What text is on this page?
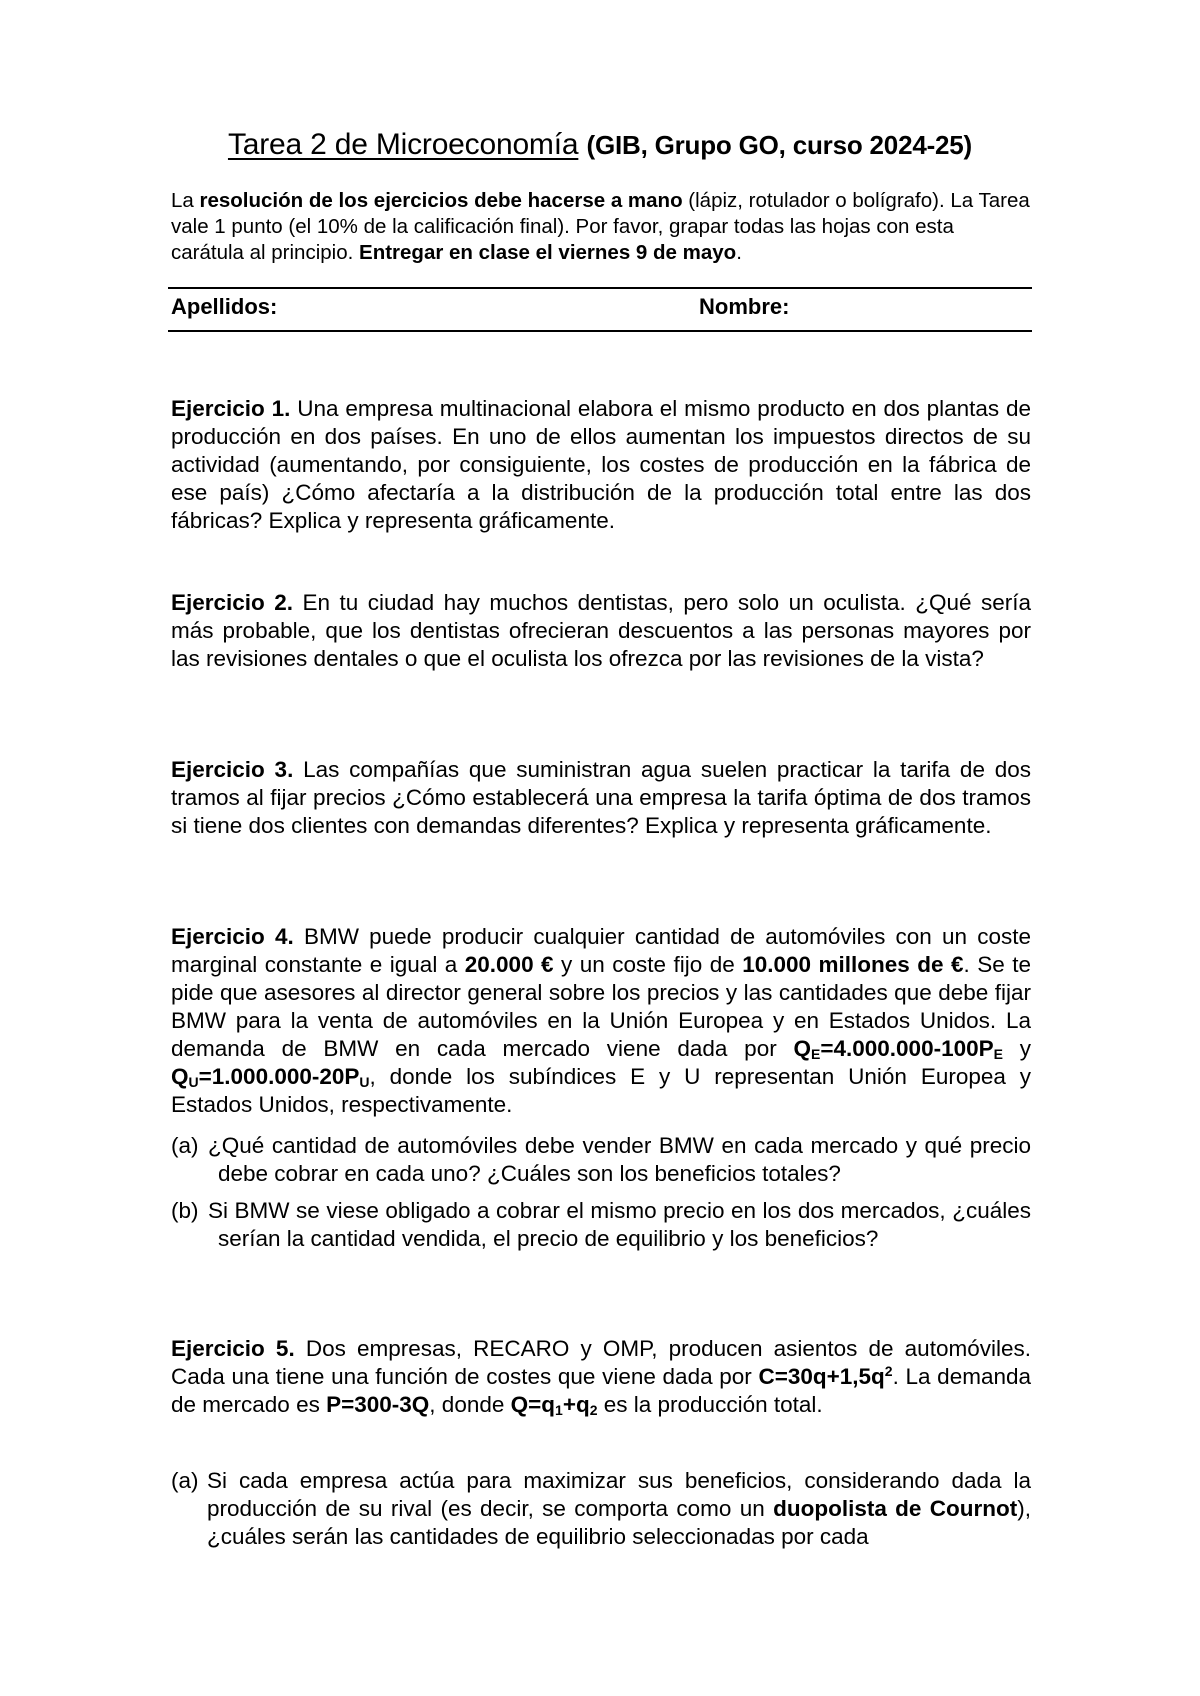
Tarea 2 de Microeconomía (GIB, Grupo GO, curso 2024-25)
La resolución de los ejercicios debe hacerse a mano (lápiz, rotulador o bolígrafo). La Tarea vale 1 punto (el 10% de la calificación final). Por favor, grapar todas las hojas con esta carátula al principio. Entregar en clase el viernes 9 de mayo.
Apellidos:	Nombre:
Ejercicio 1. Una empresa multinacional elabora el mismo producto en dos plantas de producción en dos países. En uno de ellos aumentan los impuestos directos de su actividad (aumentando, por consiguiente, los costes de producción en la fábrica de ese país) ¿Cómo afectaría a la distribución de la producción total entre las dos fábricas? Explica y representa gráficamente.
Ejercicio 2. En tu ciudad hay muchos dentistas, pero solo un oculista. ¿Qué sería más probable, que los dentistas ofrecieran descuentos a las personas mayores por las revisiones dentales o que el oculista los ofrezca por las revisiones de la vista?
Ejercicio 3. Las compañías que suministran agua suelen practicar la tarifa de dos tramos al fijar precios ¿Cómo establecerá una empresa la tarifa óptima de dos tramos si tiene dos clientes con demandas diferentes? Explica y representa gráficamente.
Ejercicio 4. BMW puede producir cualquier cantidad de automóviles con un coste marginal constante e igual a 20.000 € y un coste fijo de 10.000 millones de €. Se te pide que asesores al director general sobre los precios y las cantidades que debe fijar BMW para la venta de automóviles en la Unión Europea y en Estados Unidos. La demanda de BMW en cada mercado viene dada por $Q_E=4.000.000-100P_E$ y $Q_U=1.000.000-20P_U$, donde los subíndices E y U representan Unión Europea y Estados Unidos, respectivamente.
(a) ¿Qué cantidad de automóviles debe vender BMW en cada mercado y qué precio debe cobrar en cada uno? ¿Cuáles son los beneficios totales?
(b) Si BMW se viese obligado a cobrar el mismo precio en los dos mercados, ¿cuáles serían la cantidad vendida, el precio de equilibrio y los beneficios?
Ejercicio 5. Dos empresas, RECARO y OMP, producen asientos de automóviles. Cada una tiene una función de costes que viene dada por $C=30q+1,5q^2$. La demanda de mercado es P=300-3Q, donde $Q=q_1+q_2$ es la producción total.
(a) Si cada empresa actúa para maximizar sus beneficios, considerando dada la producción de su rival (es decir, se comporta como un duopolista de Cournot), ¿cuáles serán las cantidades de equilibrio seleccionadas por cada
